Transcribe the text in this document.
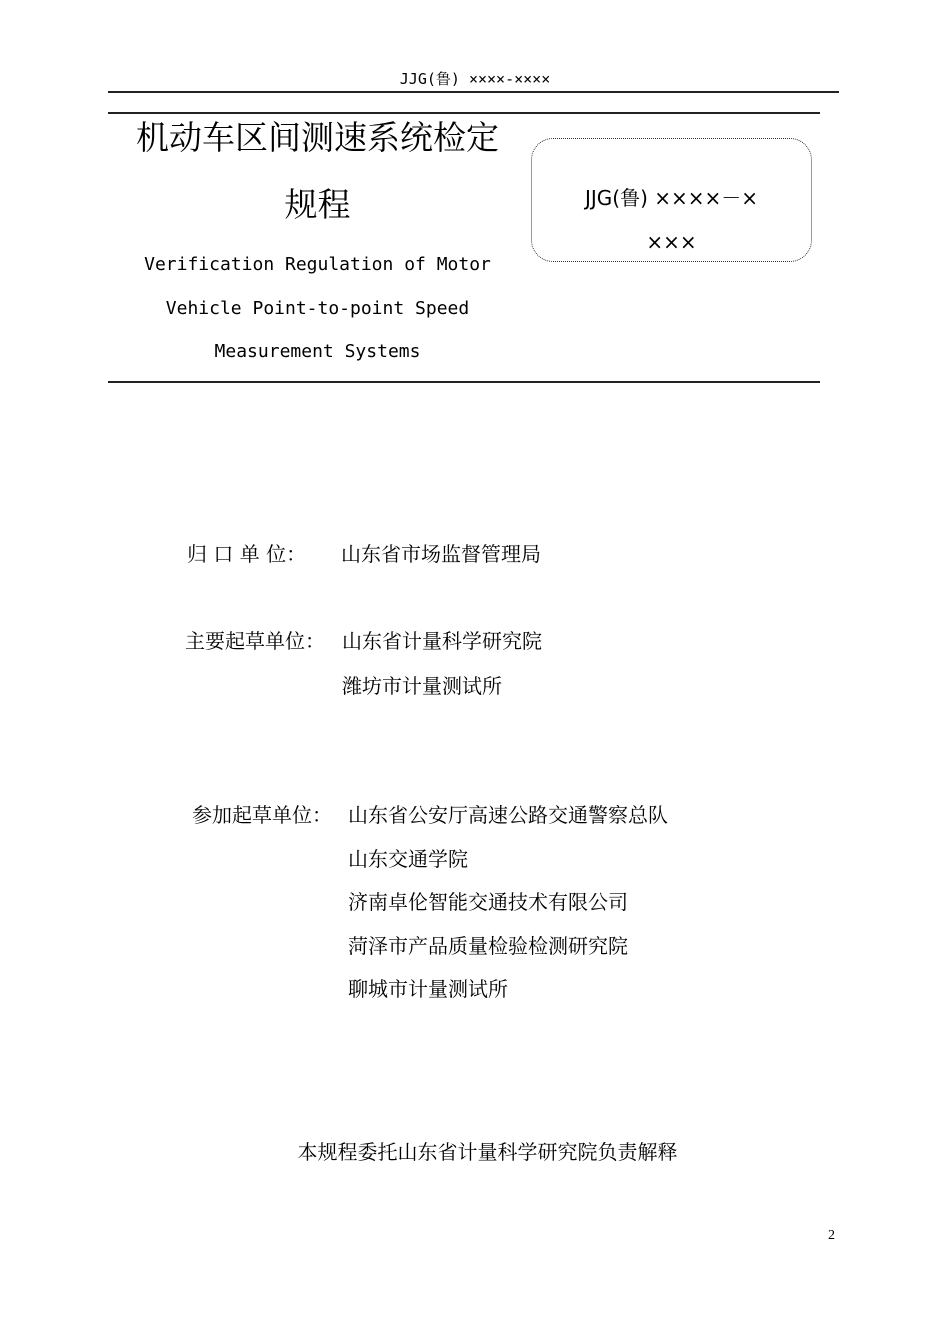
JJG(鲁) ××××-××××
机动车区间测速系统检定
规程
Verification Regulation of Motor
Vehicle Point-to-point Speed
Measurement Systems
JJG(鲁) ××××－×
×××
归 口 单 位： 山东省市场监督管理局
主要起草单位： 山东省计量科学研究院
潍坊市计量测试所
参加起草单位： 山东省公安厅高速公路交通警察总队
山东交通学院
济南卓伦智能交通技术有限公司
菏泽市产品质量检验检测研究院
聊城市计量测试所
本规程委托山东省计量科学研究院负责解释
2
